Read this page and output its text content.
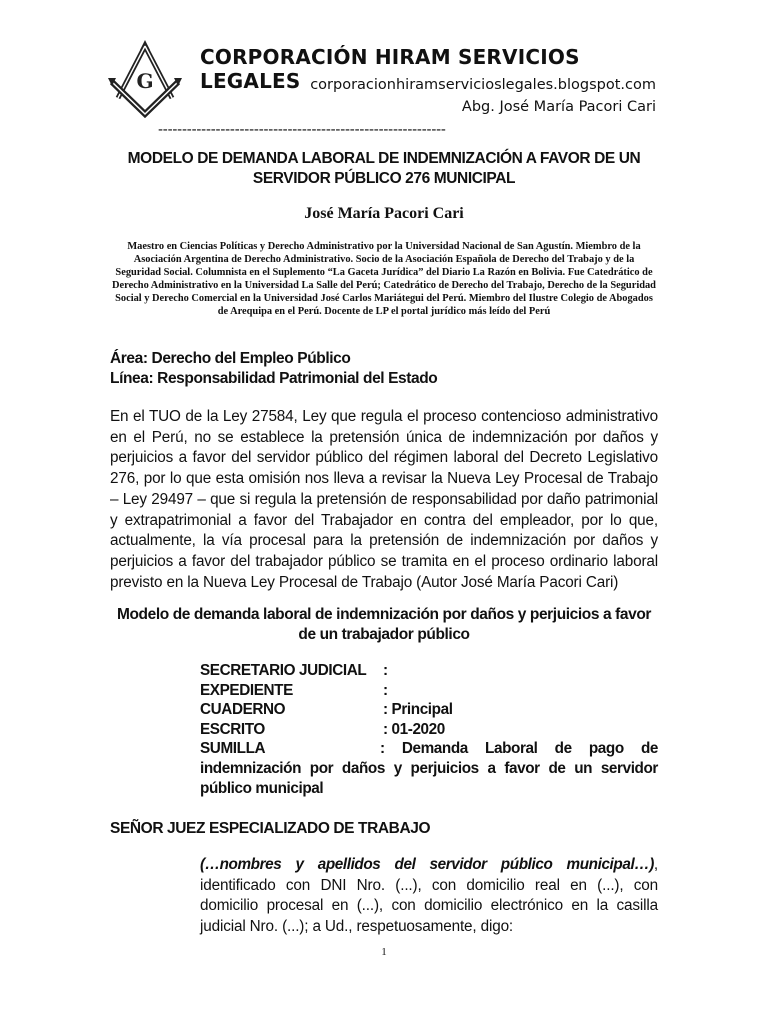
G
CORPORACIÓN HIRAM SERVICIOS LEGALES corporacionhiramservicioslegales.blogspot.com
Abg. José María Pacori Cari
------------------------------------------------------------
MODELO DE DEMANDA LABORAL DE INDEMNIZACIÓN A FAVOR DE UN SERVIDOR PÚBLICO 276 MUNICIPAL
José María Pacori Cari
Maestro en Ciencias Políticas y Derecho Administrativo por la Universidad Nacional de San Agustín. Miembro de la Asociación Argentina de Derecho Administrativo. Socio de la Asociación Española de Derecho del Trabajo y de la Seguridad Social. Columnista en el Suplemento “La Gaceta Jurídica” del Diario La Razón en Bolivia. Fue Catedrático de Derecho Administrativo en la Universidad La Salle del Perú; Catedrático de Derecho del Trabajo, Derecho de la Seguridad Social y Derecho Comercial en la Universidad José Carlos Mariátegui del Perú. Miembro del Ilustre Colegio de Abogados de Arequipa en el Perú. Docente de LP el portal jurídico más leído del Perú
Área: Derecho del Empleo Público
Línea: Responsabilidad Patrimonial del Estado
En el TUO de la Ley 27584, Ley que regula el proceso contencioso administrativo en el Perú, no se establece la pretensión única de indemnización por daños y perjuicios a favor del servidor público del régimen laboral del Decreto Legislativo 276, por lo que esta omisión nos lleva a revisar la Nueva Ley Procesal de Trabajo – Ley 29497 – que si regula la pretensión de responsabilidad por daño patrimonial y extrapatrimonial a favor del Trabajador en contra del empleador, por lo que, actualmente, la vía procesal para la pretensión de indemnización por daños y perjuicios a favor del trabajador público se tramita en el proceso ordinario laboral previsto en la Nueva Ley Procesal de Trabajo (Autor José María Pacori Cari)
Modelo de demanda laboral de indemnización por daños y perjuicios a favor de un trabajador público
SECRETARIO JUDICIAL	:
EXPEDIENTE	:
CUADERNO	: Principal
ESCRITO	: 01-2020
SUMILLA	: Demanda Laboral de pago de indemnización por daños y perjuicios a favor de un servidor público municipal
SEÑOR JUEZ ESPECIALIZADO DE TRABAJO
(…nombres y apellidos del servidor público municipal…), identificado con DNI Nro. (...), con domicilio real en (...), con domicilio procesal en (...), con domicilio electrónico en la casilla judicial Nro. (...); a Ud., respetuosamente, digo:
1
